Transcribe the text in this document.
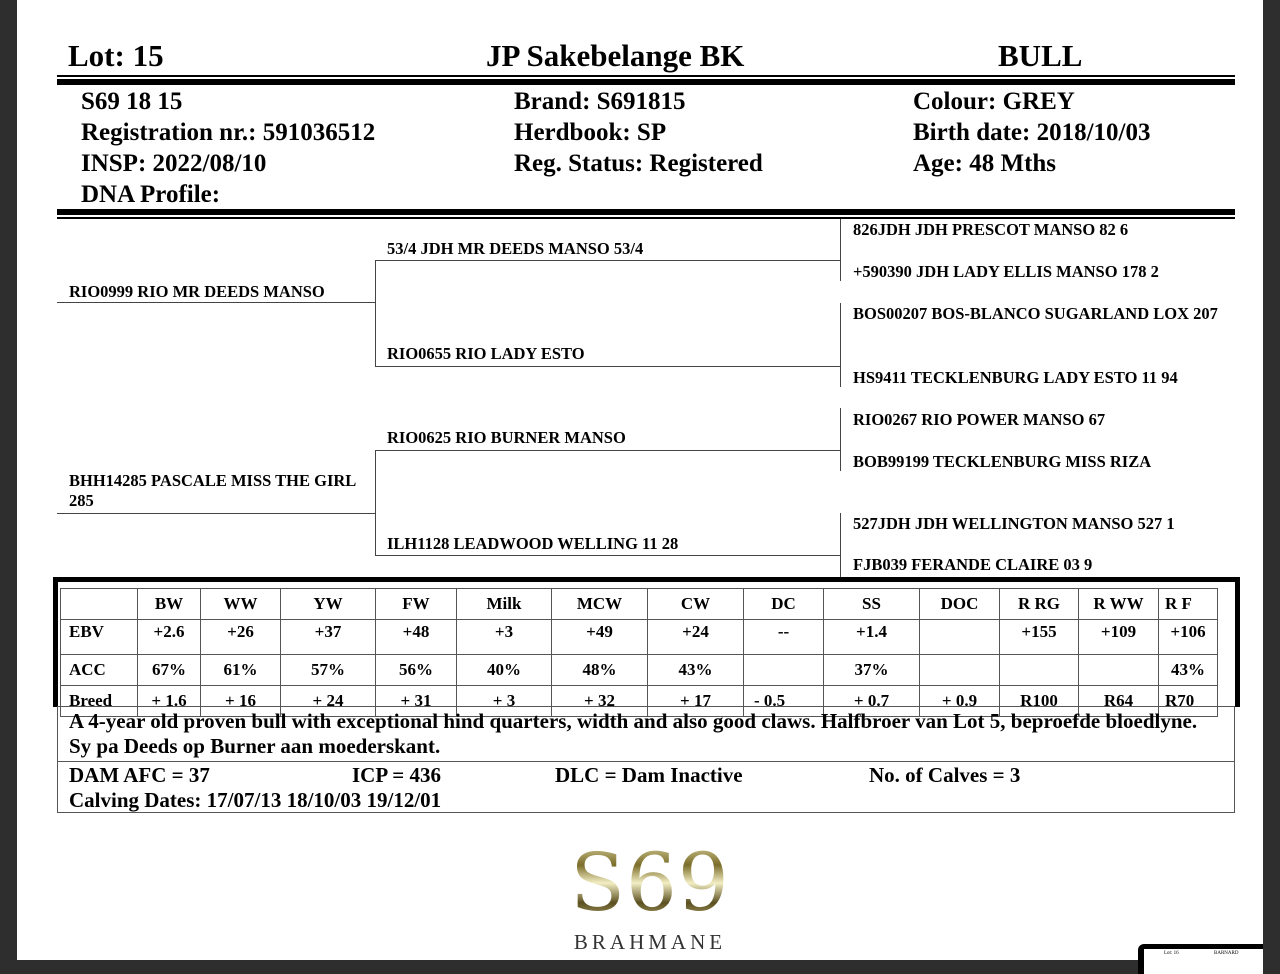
Lot: 15	JP Sakebelange BK	BULL
S69 18 15
Registration nr.: 591036512
INSP: 2022/08/10
DNA Profile:
Brand: S691815
Herdbook: SP
Reg. Status: Registered
Colour: GREY
Birth date: 2018/10/03
Age: 48 Mths
RIO0999 RIO MR DEEDS MANSO
BHH14285 PASCALE MISS THE GIRL 285
53/4 JDH MR DEEDS MANSO 53/4
RIO0655 RIO LADY ESTO
RIO0625 RIO BURNER MANSO
ILH1128 LEADWOOD WELLING 11 28
826JDH JDH PRESCOT MANSO 82 6
+590390 JDH LADY ELLIS MANSO 178 2
BOS00207 BOS-BLANCO SUGARLAND LOX 207
HS9411 TECKLENBURG LADY ESTO 11 94
RIO0267 RIO POWER MANSO 67
BOB99199 TECKLENBURG MISS RIZA
527JDH JDH WELLINGTON MANSO 527 1
FJB039 FERANDE CLAIRE 03 9
	BW	WW	YW	FW	Milk	MCW	CW	DC	SS	DOC	R RG	R WW	R F
EBV	+2.6	+26	+37	+48	+3	+49	+24	--	+1.4		+155	+109	+106
ACC	67%	61%	57%	56%	40%	48%	43%		37%				43%
Breed	+ 1.6	+ 16	+ 24	+ 31	+ 3	+ 32	+ 17	- 0.5	+ 0.7	+ 0.9	R100	R64	R70
A 4-year old proven bull with exceptional hind quarters, width and also good claws. Halfbroer van Lot 5, beproefde bloedlyne. Sy pa Deeds op Burner aan moederskant.
DAM AFC = 37	ICP = 436	DLC = Dam Inactive	No. of Calves = 3
Calving Dates: 17/07/13 18/10/03 19/12/01
S69
BRAHMANE	Lot: 16	BARNARD
